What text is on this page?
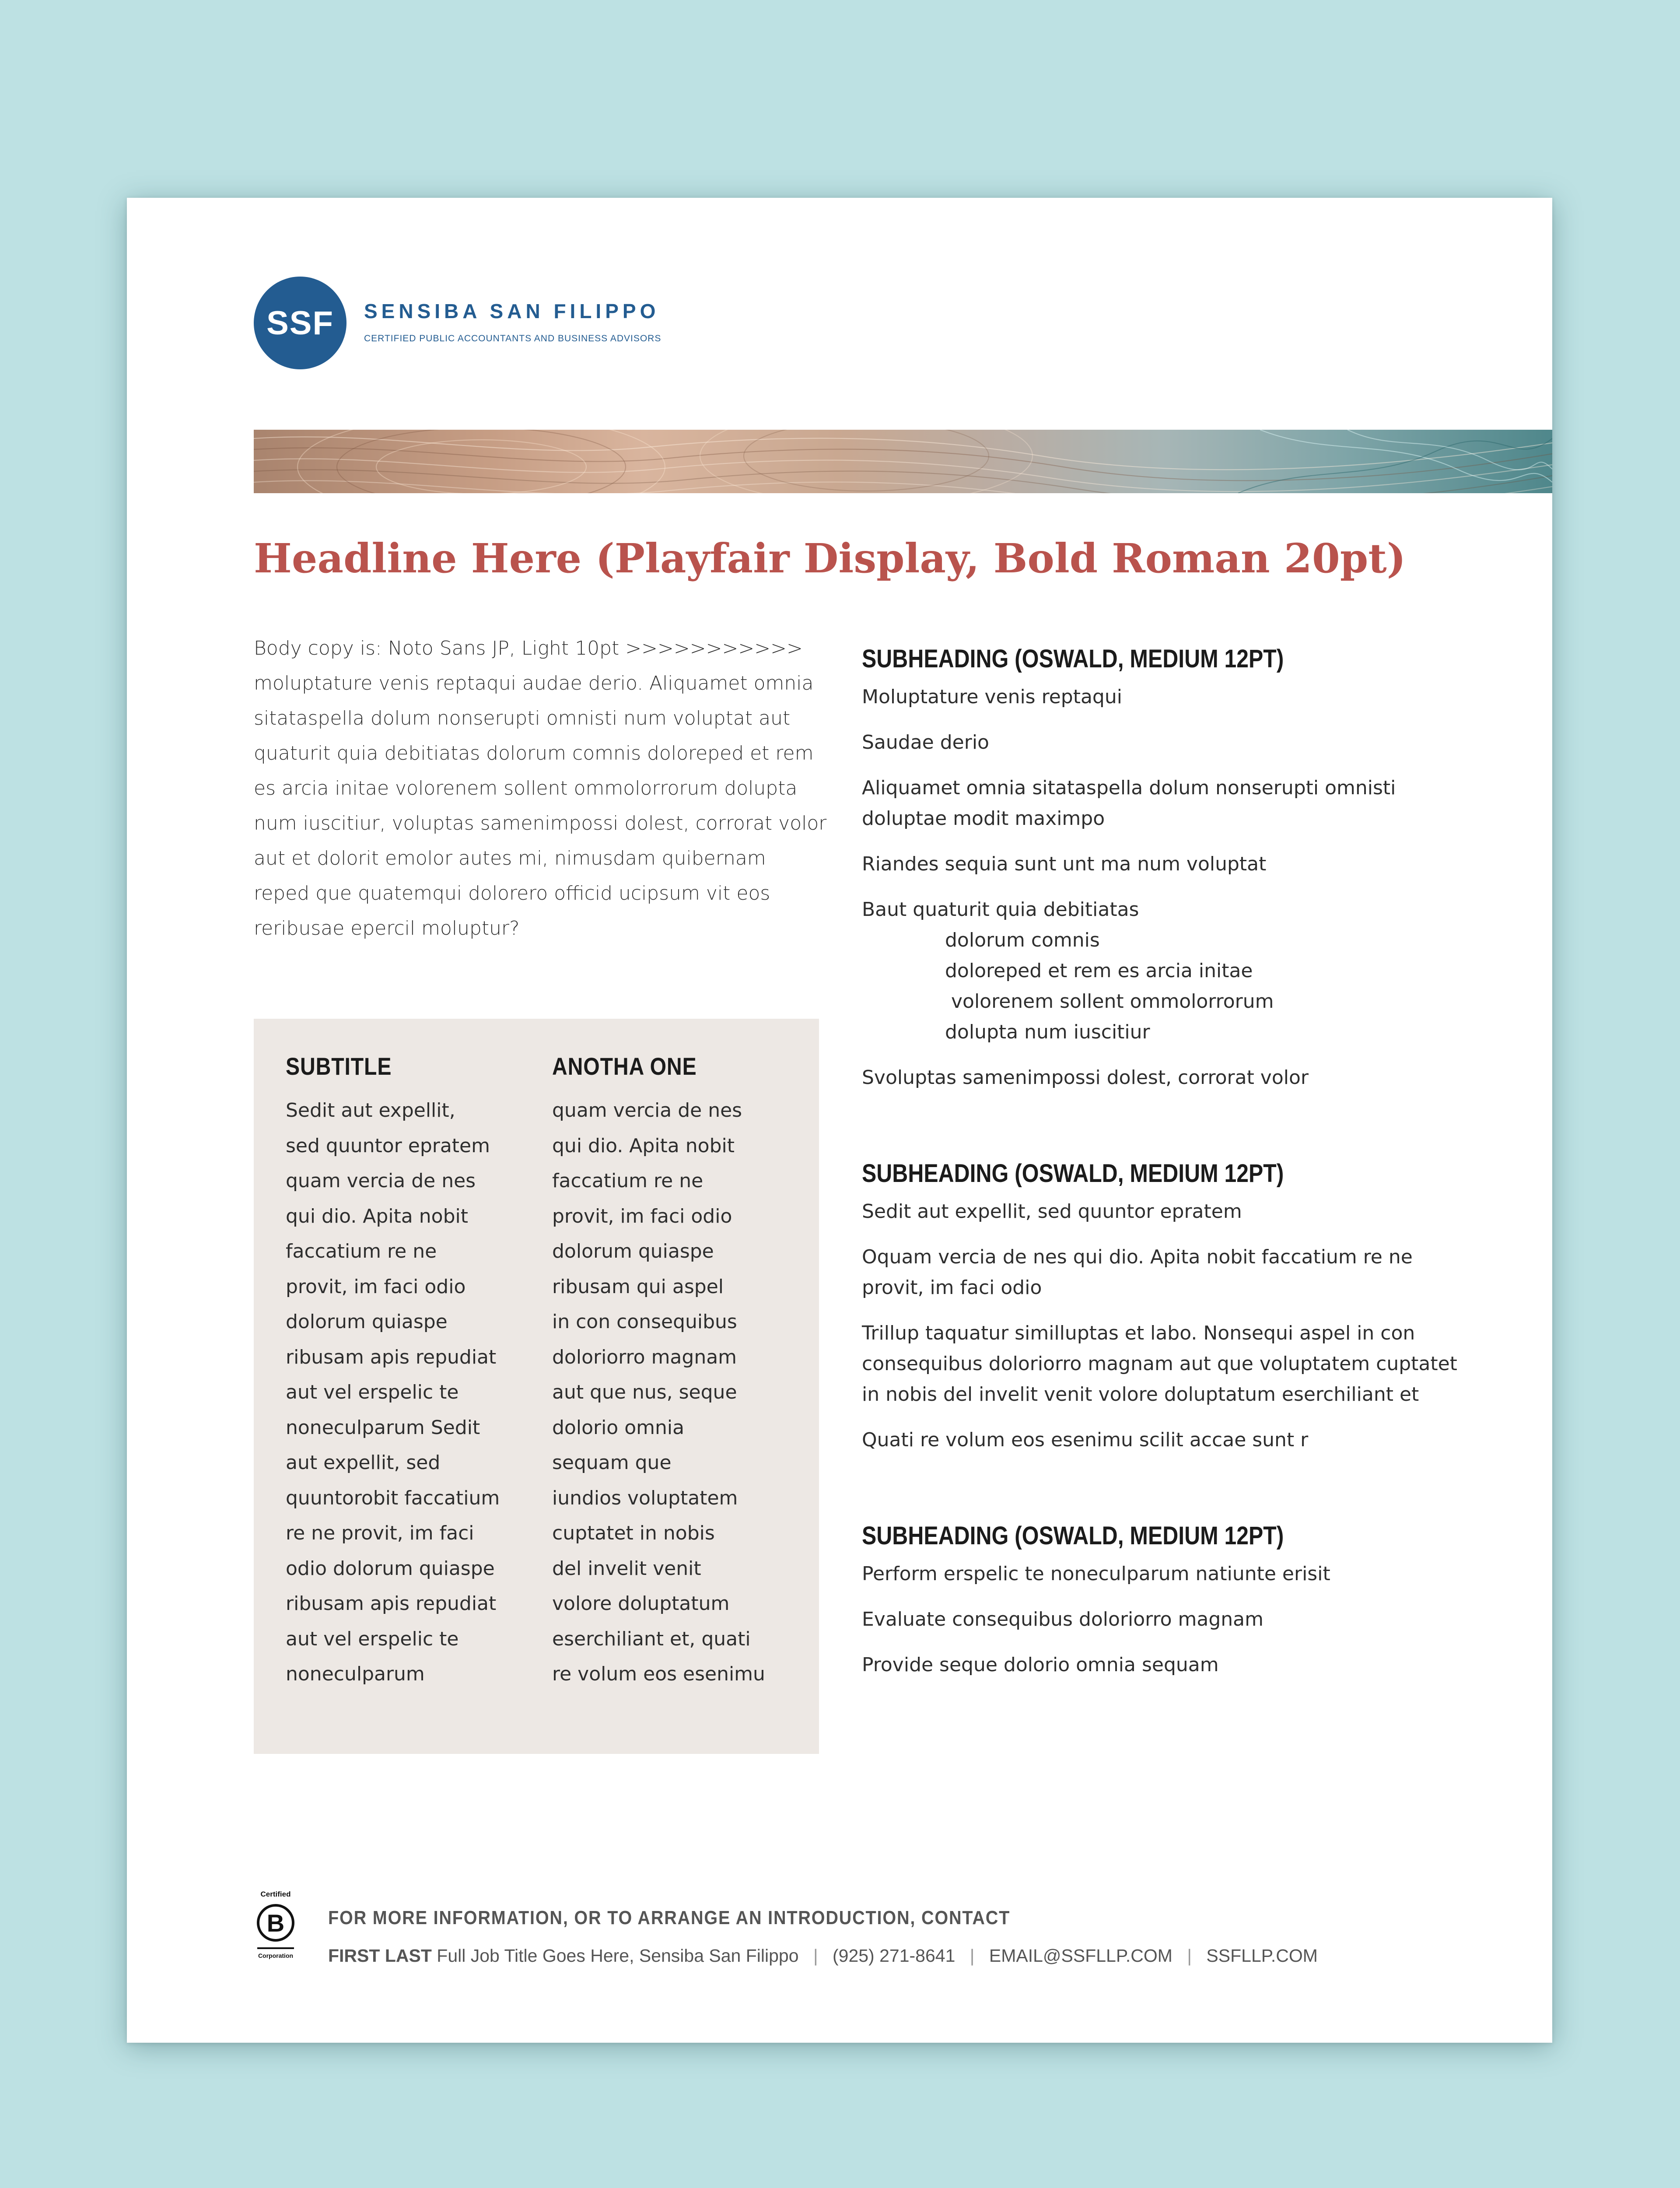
SSF	SENSIBA SAN FILIPPO
CERTIFIED PUBLIC ACCOUNTANTS AND BUSINESS ADVISORS
Headline Here (Playfair Display, Bold Roman 20pt)
Body copy is: Noto Sans JP, Light 10pt >>>>>>>>>>> moluptature venis reptaqui audae derio. Aliquamet omnia sitataspella dolum nonserupti omnisti num voluptat aut quaturit quia debitiatas dolorum comnis doloreped et rem es arcia initae volorenem sollent ommolorrorum dolupta num iuscitiur, voluptas samenimpossi dolest, corrorat volor aut et dolorit emolor autes mi, nimusdam quibernam reped que quatemqui dolorero officid ucipsum vit eos reribusae epercil moluptur?
SUBTITLE
Sedit aut expellit,
sed quuntor epratem
quam vercia de nes
qui dio. Apita nobit
faccatium re ne
provit, im faci odio
dolorum quiaspe
ribusam apis repudiat
aut vel erspelic te
noneculparum Sedit
aut expellit, sed
quuntorobit faccatium
re ne provit, im faci
odio dolorum quiaspe
ribusam apis repudiat
aut vel erspelic te
noneculparum
ANOTHA ONE
quam vercia de nes
qui dio. Apita nobit
faccatium re ne
provit, im faci odio
dolorum quiaspe
ribusam qui aspel
in con consequibus
doloriorro magnam
aut que nus, seque
dolorio omnia
sequam que
iundios voluptatem
cuptatet in nobis
del invelit venit
volore doluptatum
eserchiliant et, quati
re volum eos esenimu
SUBHEADING (OSWALD, MEDIUM 12PT)

Moluptature venis reptaqui

Saudae derio

Aliquamet omnia sitataspella dolum nonserupti omnisti doluptae modit maximpo

Riandes sequia sunt unt ma num voluptat

Baut quaturit quia debitiatas

dolorum comnis
doloreped et rem es arcia initae
volorenem sollent ommolorrorum
dolupta num iuscitiur

Svoluptas samenimpossi dolest, corrorat volor

SUBHEADING (OSWALD, MEDIUM 12PT)

Sedit aut expellit, sed quuntor epratem

Oquam vercia de nes qui dio. Apita nobit faccatium re ne provit, im faci odio

Trillup taquatur similluptas et labo. Nonsequi aspel in con consequibus doloriorro magnam aut que voluptatem cuptatet in nobis del invelit venit volore doluptatum eserchiliant et

Quati re volum eos esenimu scilit accae sunt r

SUBHEADING (OSWALD, MEDIUM 12PT)

Perform erspelic te noneculparum natiunte erisit

Evaluate consequibus doloriorro magnam

Provide seque dolorio omnia sequam

Certified
B
Corporation
FOR MORE INFORMATION, OR TO ARRANGE AN INTRODUCTION, CONTACT
FIRST LAST Full Job Title Goes Here, Sensiba San Filippo | (925) 271-8641 | EMAIL@SSFLLP.COM | SSFLLP.COM
